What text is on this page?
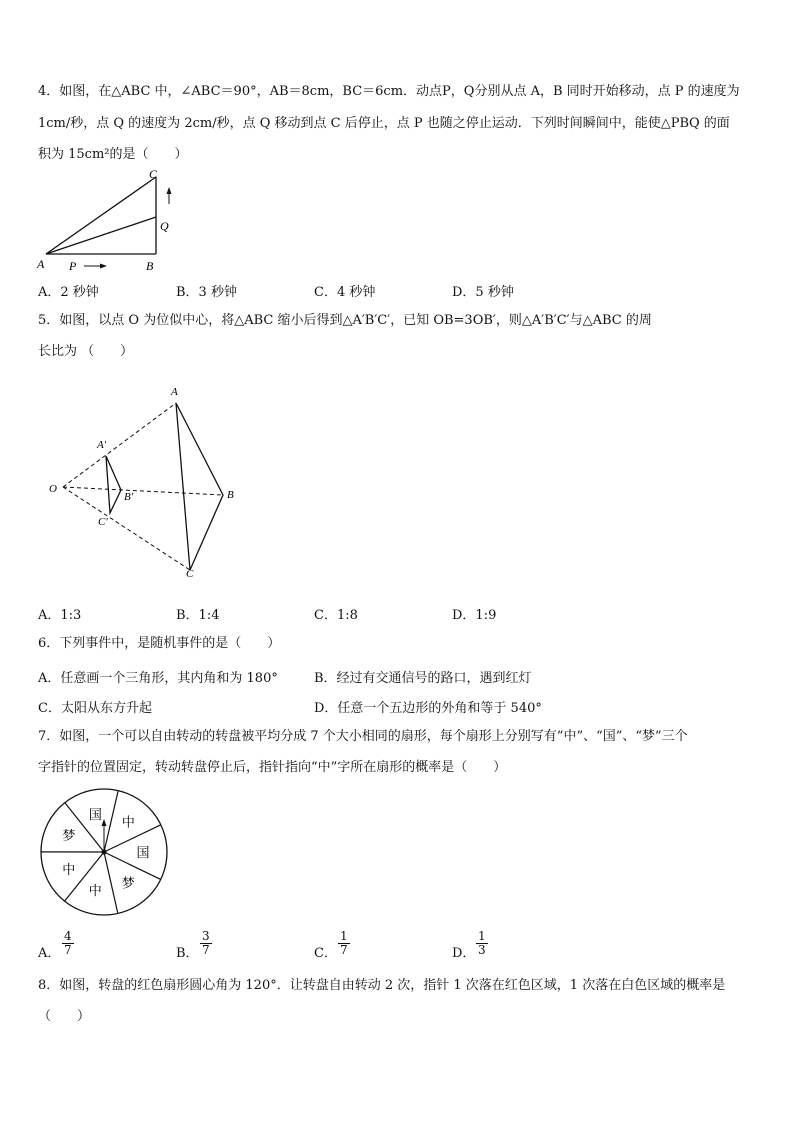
4．如图，在△ABC 中，∠ABC＝90°，AB＝8cm，BC＝6cm．动点P，Q分别从点 A，B 同时开始移动，点 P 的速度为
1cm/秒，点 Q 的速度为 2cm/秒，点 Q 移动到点 C 后停止，点 P 也随之停止运动．下列时间瞬间中，能使△PBQ 的面
积为 15cm²的是（　　）
C
Q
A P	B
A．2 秒钟	B．3 秒钟	C．4 秒钟	D．5 秒钟
5．如图，以点 O 为位似中心，将△ABC 缩小后得到△A′B′C′，已知 OB=3OB′，则△A′B′C′与△ABC 的周
长比为 （　　）
A
B
C
O
A′
B′
C′
A．1:3	B．1:4	C．1:8	D．1:9
6．下列事件中，是随机事件的是（　　）
A．任意画一个三角形，其内角和为 180°	B．经过有交通信号的路口，遇到红灯
C．太阳从东方升起	D．任意一个五边形的外角和等于 540°
7．如图，一个可以自由转动的转盘被平均分成 7 个大小相同的扇形，每个扇形上分别写有“中”、“国”、“梦”三个
字指针的位置固定，转动转盘停止后，指针指向“中”字所在扇形的概率是（　　）
中
国
梦
中
中
梦
国
A． $\frac{4}{7}$	B． $\frac{3}{7}$	C． $\frac{1}{7}$	D． $\frac{1}{3}$
8．如图，转盘的红色扇形圆心角为 120°．让转盘自由转动 2 次，指针 1 次落在红色区域，1 次落在白色区域的概率是
（　　）
